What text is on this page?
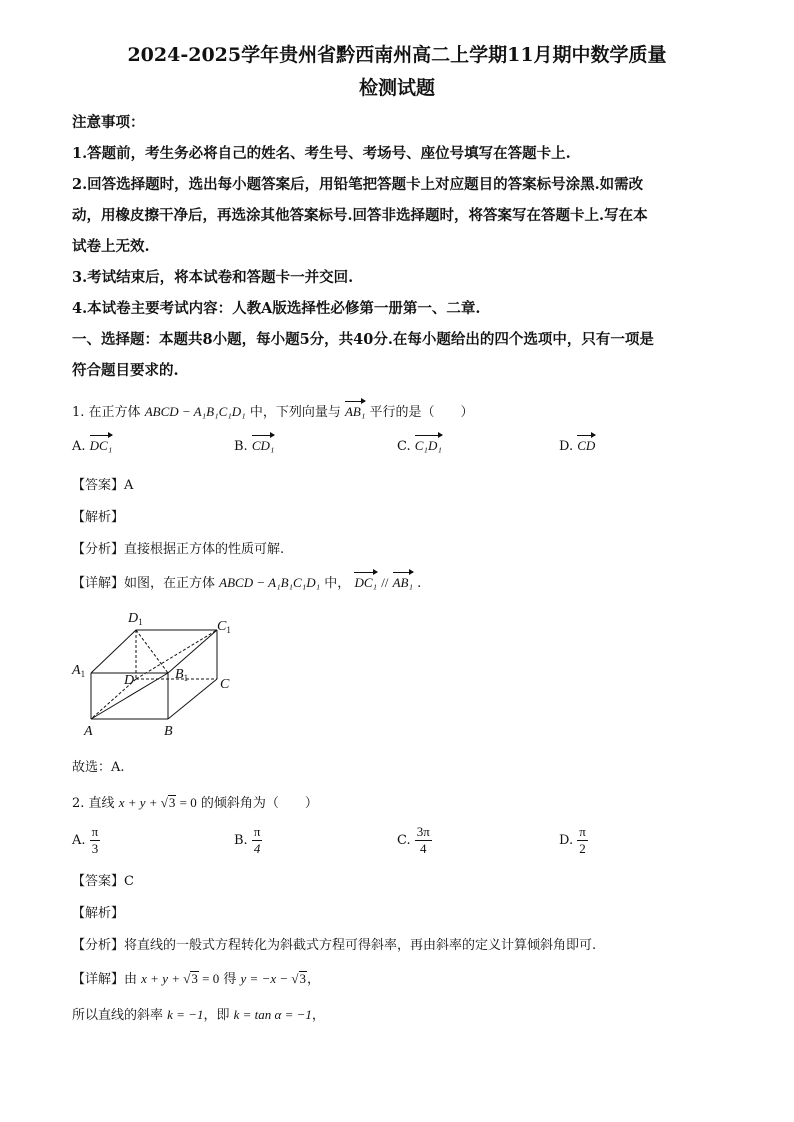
2024-2025学年贵州省黔西南州高二上学期11月期中数学质量
检测试题
注意事项：
1.答题前，考生务必将自己的姓名、考生号、考场号、座位号填写在答题卡上.
2.回答选择题时，选出每小题答案后，用铅笔把答题卡上对应题目的答案标号涂黑.如需改
动，用橡皮擦干净后，再选涂其他答案标号.回答非选择题时，将答案写在答题卡上.写在本
试卷上无效.
3.考试结束后，将本试卷和答题卡一并交回.
4.本试卷主要考试内容：人教A版选择性必修第一册第一、二章.
一、选择题：本题共8小题，每小题5分，共40分.在每小题给出的四个选项中，只有一项是
符合题目要求的.
1. 在正方体 ABCD − A₁B₁C₁D₁ 中，下列向量与 AB₁ 平行的是（　　）
A. DC₁	B. CD₁	C. C₁D₁	D. CD
【答案】A
【解析】
【分析】直接根据正方体的性质可解.
【详解】如图，在正方体 ABCD − A₁B₁C₁D₁ 中， DC₁ // AB₁ .
$D_1$	$C_1$
$A_1$	$B_1$
D	C
A	B
故选：A.
2. 直线 x + y + √3 = 0 的倾斜角为（　　）
A. $\frac{\pi}{3}$	B. $\frac{\pi}{4}$	C. $\frac{3\pi}{4}$	D. $\frac{\pi}{2}$
【答案】C
【解析】
【分析】将直线的一般式方程转化为斜截式方程可得斜率，再由斜率的定义计算倾斜角即可.
【详解】由 x + y + √3 = 0 得 y = −x − √3，
所以直线的斜率 k = −1，即 k = tan α = −1，
